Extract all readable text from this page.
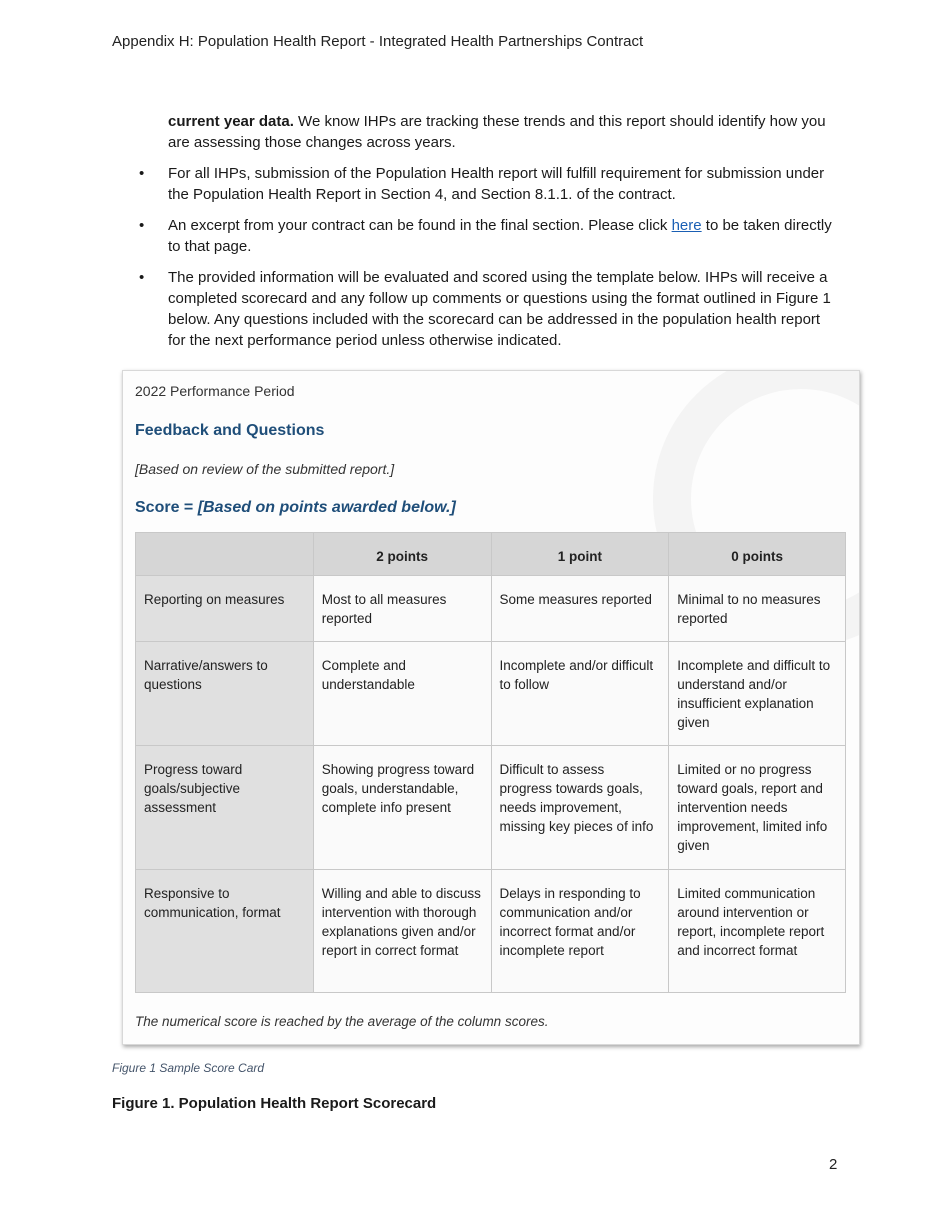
Appendix H: Population Health Report - Integrated Health Partnerships Contract

current year data. We know IHPs are tracking these trends and this report should identify how you are assessing those changes across years.

• For all IHPs, submission of the Population Health report will fulfill requirement for submission under the Population Health Report in Section 4, and Section 8.1.1. of the contract.

• An excerpt from your contract can be found in the final section. Please click here to be taken directly to that page.

• The provided information will be evaluated and scored using the template below. IHPs will receive a completed scorecard and any follow up comments or questions using the format outlined in Figure 1 below. Any questions included with the scorecard can be addressed in the population health report for the next performance period unless otherwise indicated.

2022 Performance Period
Feedback and Questions
[Based on review of the submitted report.]
Score = [Based on points awarded below.]
	2 points	1 point	0 points
Reporting on measures	Most to all measures reported	Some measures reported	Minimal to no measures reported
Narrative/answers to questions	Complete and understandable	Incomplete and/or difficult to follow	Incomplete and difficult to understand and/or insufficient explanation given
Progress toward goals/subjective assessment	Showing progress toward goals, understandable, complete info present	Difficult to assess progress towards goals, needs improvement, missing key pieces of info	Limited or no progress toward goals, report and intervention needs improvement, limited info given
Responsive to communication, format	Willing and able to discuss intervention with thorough explanations given and/or report in correct format	Delays in responding to communication and/or incorrect format and/or incomplete report	Limited communication around intervention or report, incomplete report and incorrect format
The numerical score is reached by the average of the column scores.
Figure 1 Sample Score Card
Figure 1. Population Health Report Scorecard
2
